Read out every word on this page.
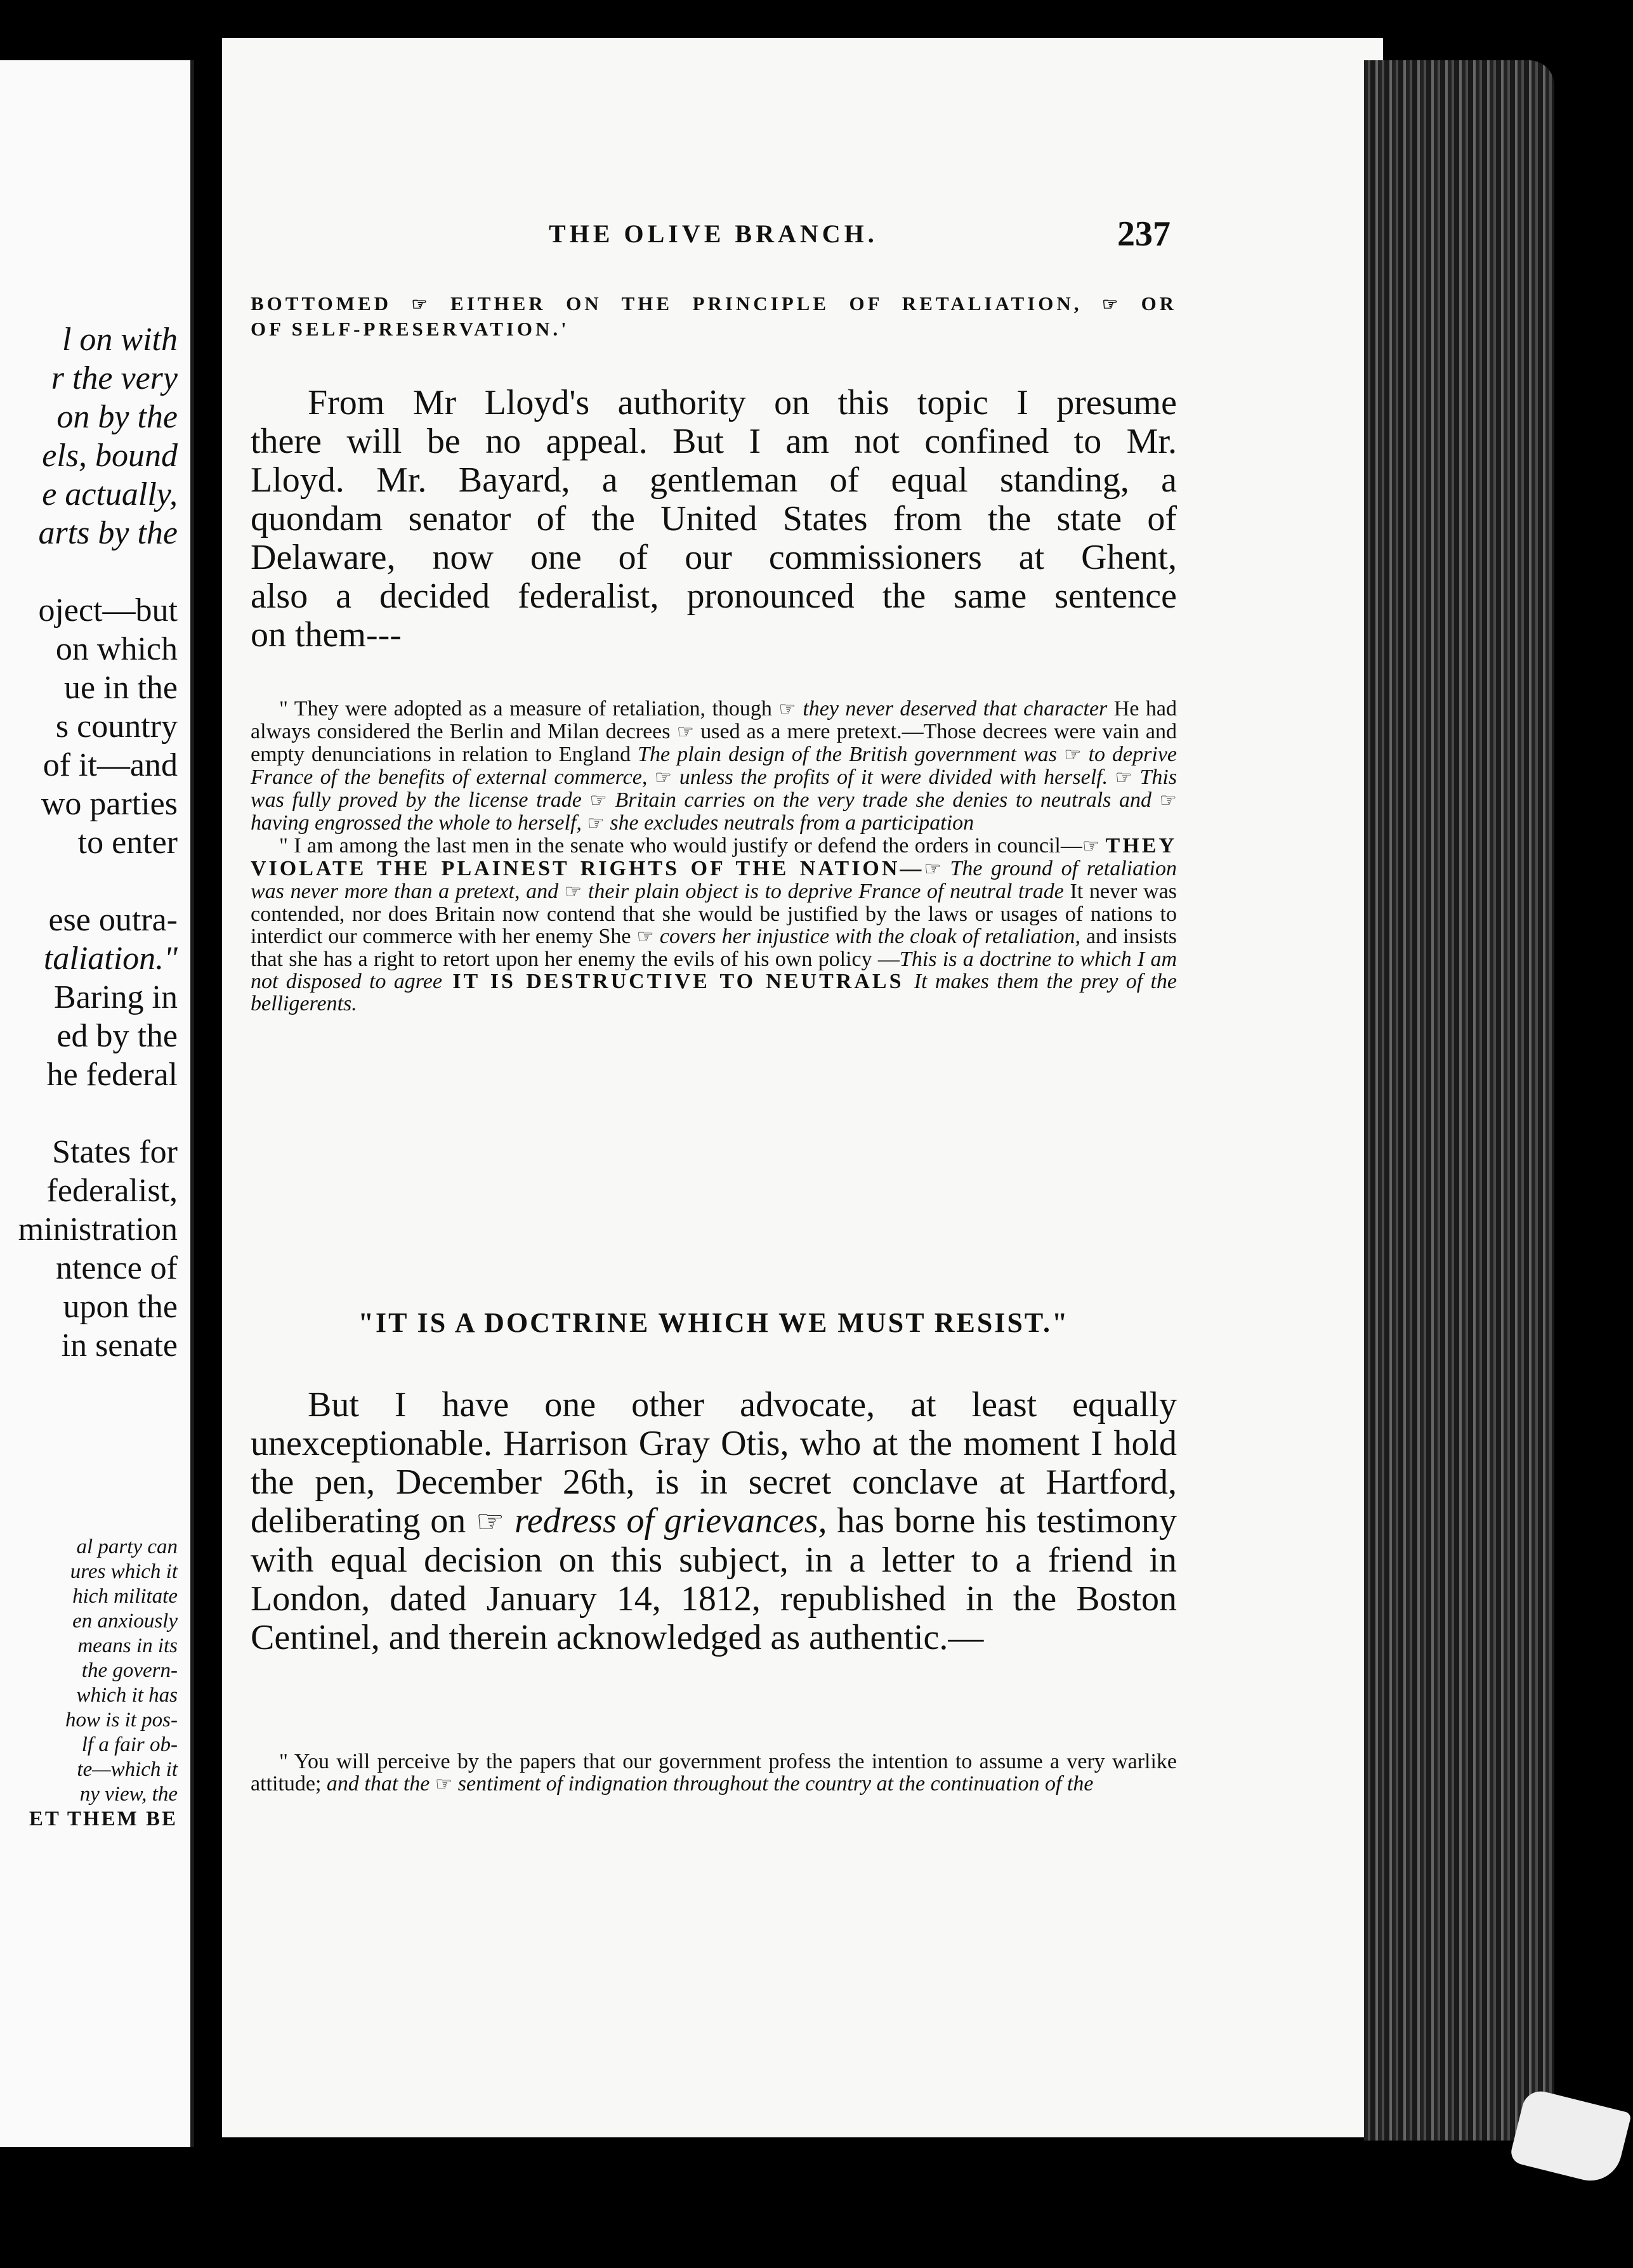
l on with
r the very
on by the
els, bound
e actually,
arts by the

oject—but
on which
ue in the
s country
of it—and
wo parties
to enter

ese outra-
taliation."
Baring in
ed by the
he federal

States for
federalist,
ministration
ntence of
upon the
in senate
al party can
ures which it
hich militate
en anxiously
means in its
the govern-
which it has
how is it pos-
lf a fair ob-
te—which it
ny view, the
ET THEM BE
THE OLIVE BRANCH.	237
BOTTOMED ☞ EITHER ON THE PRINCIPLE OF RETALIATION, ☞ OR
OF SELF-PRESERVATION.'
From Mr Lloyd's authority on this topic I presume
there will be no appeal. But I am not confined to Mr.
Lloyd. Mr. Bayard, a gentleman of equal standing, a
quondam senator of the United States from the state of
Delaware, now one of our commissioners at Ghent,
also a decided federalist, pronounced the same sentence
on them---

" They were adopted as a measure of retaliation, though ☞ they never deserved that character He had always considered the Berlin and Milan decrees ☞ used as a mere pretext.—Those decrees were vain and empty denunciations in relation to England The plain design of the British government was ☞ to deprive France of the benefits of external commerce, ☞ unless the profits of it were divided with herself. ☞ This was fully proved by the license trade ☞ Britain carries on the very trade she denies to neutrals and ☞ having engrossed the whole to herself, ☞ she excludes neutrals from a participation

" I am among the last men in the senate who would justify or defend the orders in council—☞ THEY VIOLATE THE PLAINEST RIGHTS OF THE NATION—☞ The ground of retaliation was never more than a pretext, and ☞ their plain object is to deprive France of neutral trade It never was contended, nor does Britain now contend that she would be justified by the laws or usages of nations to interdict our commerce with her enemy She ☞ covers her injustice with the cloak of retaliation, and insists that she has a right to retort upon her enemy the evils of his own policy —This is a doctrine to which I am not disposed to agree IT IS DESTRUCTIVE TO NEUTRALS It makes them the prey of the belligerents.

"IT IS A DOCTRINE WHICH WE MUST RESIST."

But I have one other advocate, at least equally unexceptionable. Harrison Gray Otis, who at the moment I hold the pen, December 26th, is in secret conclave at Hartford, deliberating on ☞ redress of grievances, has borne his testimony with equal decision on this subject, in a letter to a friend in London, dated January 14, 1812, republished in the Boston Centinel, and therein acknowledged as authentic.—

" You will perceive by the papers that our government profess the intention to assume a very warlike attitude; and that the ☞ sentiment of indignation throughout the country at the continuation of the
